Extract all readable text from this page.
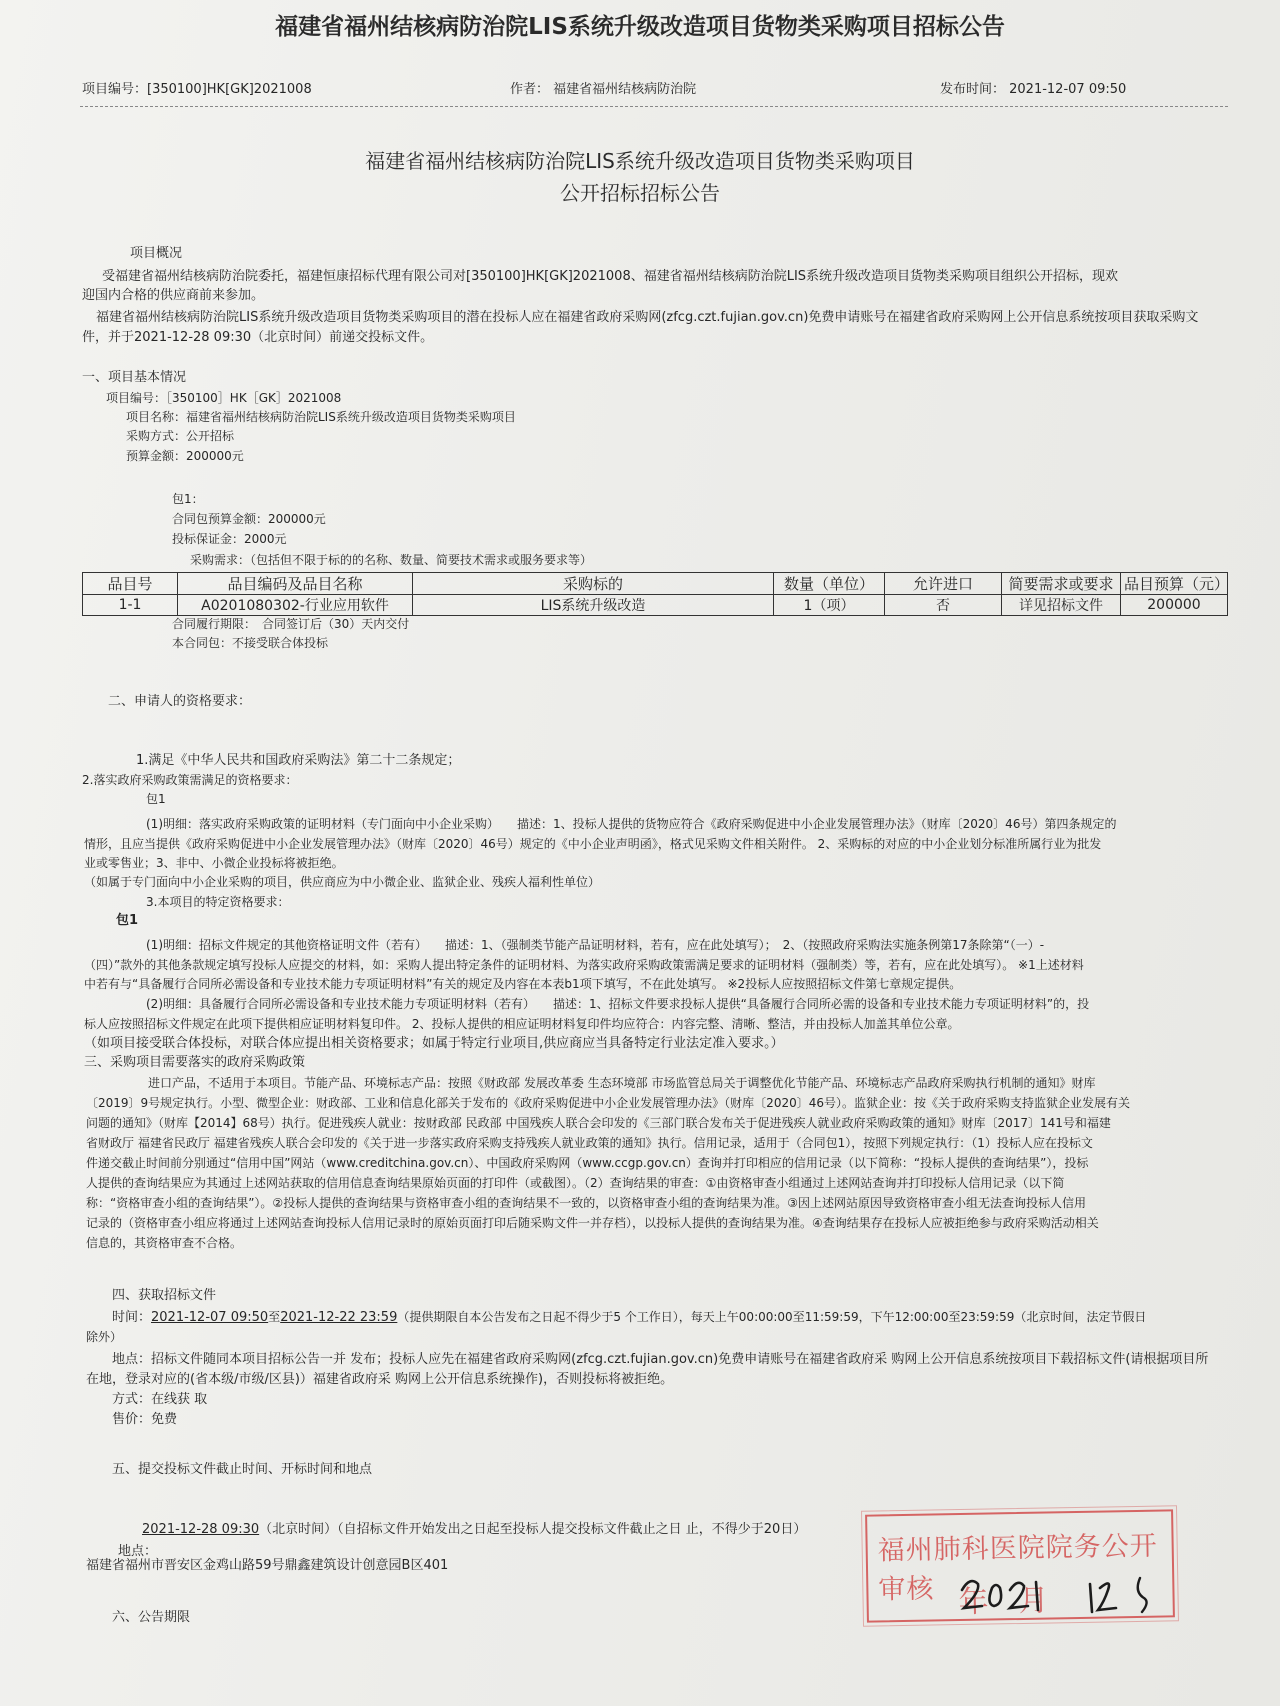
福建省福州结核病防治院LIS系统升级改造项目货物类采购项目招标公告
项目编号：[350100]HK[GK]2021008	作者： 福建省福州结核病防治院	发布时间： 2021-12-07 09:50
福建省福州结核病防治院LIS系统升级改造项目货物类采购项目
公开招标招标公告
项目概况
受福建省福州结核病防治院委托，福建恒康招标代理有限公司对[350100]HK[GK]2021008、福建省福州结核病防治院LIS系统升级改造项目货物类采购项目组织公开招标，现欢
迎国内合格的供应商前来参加。
福建省福州结核病防治院LIS系统升级改造项目货物类采购项目的潜在投标人应在福建省政府采购网(zfcg.czt.fujian.gov.cn)免费申请账号在福建省政府采购网上公开信息系统按项目获取采购文
件，并于2021-12-28 09:30（北京时间）前递交投标文件。
一、项目基本情况
项目编号：［350100］HK［GK］2021008
项目名称：福建省福州结核病防治院LIS系统升级改造项目货物类采购项目
采购方式：公开招标
预算金额：200000元
包1：
合同包预算金额：200000元
投标保证金：2000元
采购需求：（包括但不限于标的的名称、数量、简要技术需求或服务要求等）
品目号	品目编码及品目名称	采购标的	数量（单位）	允许进口	简要需求或要求	品目预算（元）
1-1	A0201080302-行业应用软件	LIS系统升级改造	1（项）	否	详见招标文件	200000
合同履行期限：　合同签订后（30）天内交付
本合同包：不接受联合体投标
二、申请人的资格要求：
1.满足《中华人民共和国政府采购法》第二十二条规定；
2.落实政府采购政策需满足的资格要求：
包1
(1)明细：落实政府采购政策的证明材料（专门面向中小企业采购）　　描述：1、投标人提供的货物应符合《政府采购促进中小企业发展管理办法》（财库〔2020〕46号）第四条规定的
情形，且应当提供《政府采购促进中小企业发展管理办法》（财库〔2020〕46号）规定的《中小企业声明函》，格式见采购文件相关附件。 2、采购标的对应的中小企业划分标准所属行业为批发
业或零售业；3、非中、小微企业投标将被拒绝。
（如属于专门面向中小企业采购的项目，供应商应为中小微企业、监狱企业、残疾人福利性单位）
3.本项目的特定资格要求：
包1
(1)明细：招标文件规定的其他资格证明文件（若有）　　描述：1、（强制类节能产品证明材料，若有，应在此处填写）；　2、（按照政府采购法实施条例第17条除第“（一）-
（四）”款外的其他条款规定填写投标人应提交的材料，如：采购人提出特定条件的证明材料、为落实政府采购政策需满足要求的证明材料（强制类）等，若有，应在此处填写）。 ※1上述材料
中若有与“具备履行合同所必需设备和专业技术能力专项证明材料”有关的规定及内容在本表b1项下填写，不在此处填写。 ※2投标人应按照招标文件第七章规定提供。
(2)明细：具备履行合同所必需设备和专业技术能力专项证明材料（若有）　　描述：1、招标文件要求投标人提供“具备履行合同所必需的设备和专业技术能力专项证明材料”的，投
标人应按照招标文件规定在此项下提供相应证明材料复印件。 2、投标人提供的相应证明材料复印件均应符合：内容完整、清晰、整洁，并由投标人加盖其单位公章。
（如项目接受联合体投标，对联合体应提出相关资格要求；如属于特定行业项目,供应商应当具备特定行业法定准入要求。）
三、采购项目需要落实的政府采购政策
进口产品，不适用于本项目。节能产品、环境标志产品：按照《财政部 发展改革委 生态环境部 市场监管总局关于调整优化节能产品、环境标志产品政府采购执行机制的通知》财库
〔2019〕9号规定执行。小型、微型企业：财政部、工业和信息化部关于发布的《政府采购促进中小企业发展管理办法》（财库〔2020〕46号）。监狱企业：按《关于政府采购支持监狱企业发展有关
问题的通知》（财库【2014】68号）执行。促进残疾人就业：按财政部 民政部 中国残疾人联合会印发的《三部门联合发布关于促进残疾人就业政府采购政策的通知》财库〔2017〕141号和福建
省财政厅 福建省民政厅 福建省残疾人联合会印发的《关于进一步落实政府采购支持残疾人就业政策的通知》执行。信用记录，适用于（合同包1），按照下列规定执行：（1）投标人应在投标文
件递交截止时间前分别通过“信用中国”网站（www.creditchina.gov.cn）、中国政府采购网（www.ccgp.gov.cn）查询并打印相应的信用记录（以下简称：“投标人提供的查询结果”），投标
人提供的查询结果应为其通过上述网站获取的信用信息查询结果原始页面的打印件（或截图）。（2）查询结果的审查：①由资格审查小组通过上述网站查询并打印投标人信用记录（以下简
称：“资格审查小组的查询结果”）。②投标人提供的查询结果与资格审查小组的查询结果不一致的，以资格审查小组的查询结果为准。③因上述网站原因导致资格审查小组无法查询投标人信用
记录的（资格审查小组应将通过上述网站查询投标人信用记录时的原始页面打印后随采购文件一并存档），以投标人提供的查询结果为准。④查询结果存在投标人应被拒绝参与政府采购活动相关
信息的，其资格审查不合格。
四、获取招标文件
时间：2021-12-07 09:50至2021-12-22 23:59（提供期限自本公告发布之日起不得少于5 个工作日），每天上午00:00:00至11:59:59，下午12:00:00至23:59:59（北京时间，法定节假日
除外）
地点：招标文件随同本项目招标公告一并 发布；投标人应先在福建省政府采购网(zfcg.czt.fujian.gov.cn)免费申请账号在福建省政府采 购网上公开信息系统按项目下载招标文件(请根据项目所
在地，登录对应的(省本级/市级/区县)）福建省政府采 购网上公开信息系统操作)，否则投标将被拒绝。
方式：在线获 取
售价：免费
五、提交投标文件截止时间、开标时间和地点
2021-12-28 09:30（北京时间）（自招标文件开始发出之日起至投标人提交投标文件截止之日 止，不得少于20日）
地点：
福建省福州市晋安区金鸡山路59号鼎鑫建筑设计创意园B区401
六、公告期限
福州肺科医院院务公开审核 年　月
